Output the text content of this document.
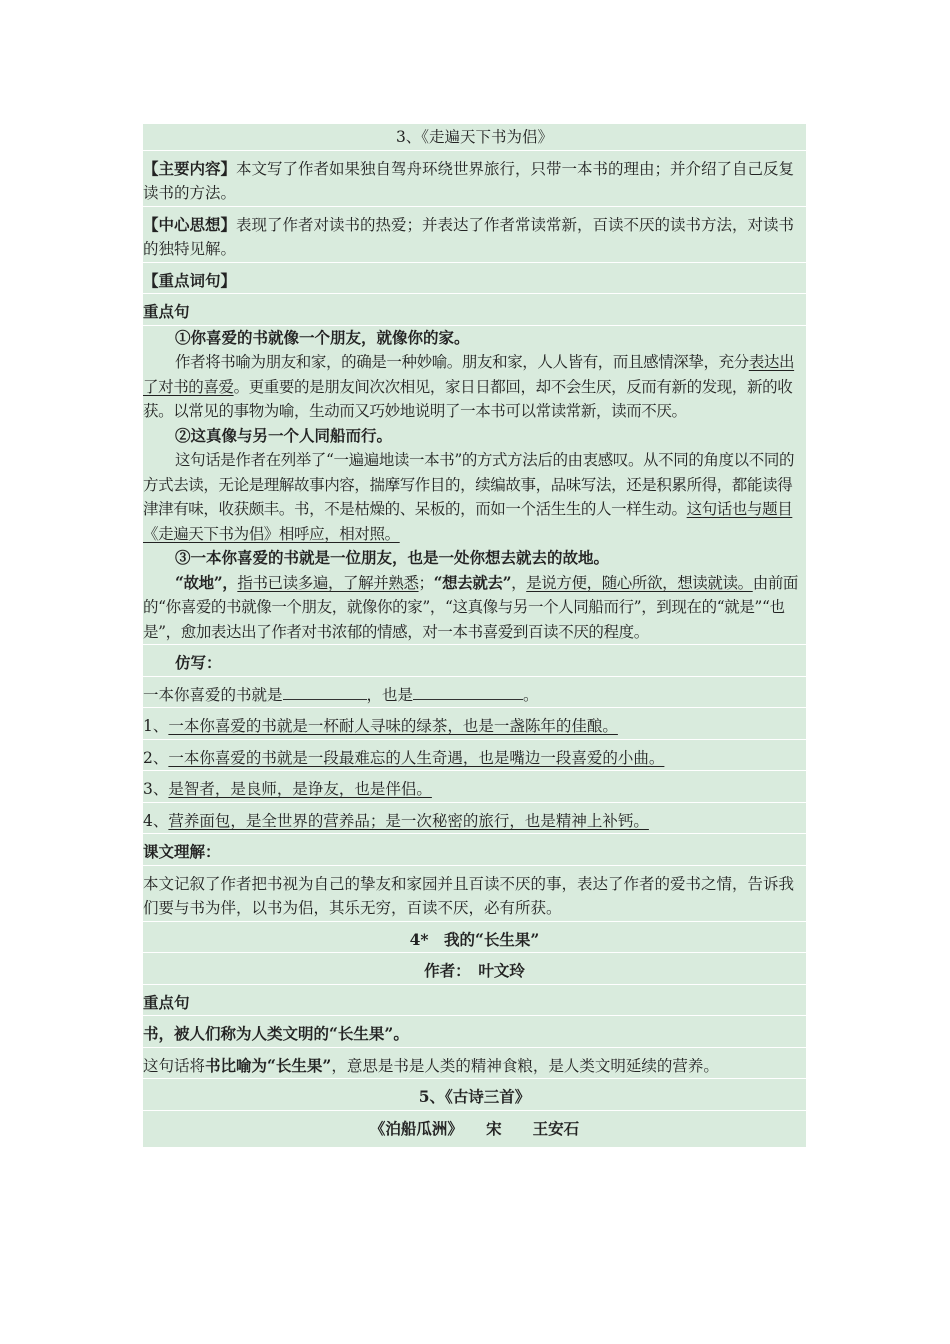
3、《走遍天下书为侣》

【主要内容】本文写了作者如果独自驾舟环绕世界旅行，只带一本书的理由；并介绍了自己反复读书的方法。

【中心思想】表现了作者对读书的热爱；并表达了作者常读常新，百读不厌的读书方法，对读书的独特见解。

【重点词句】

重点句

①你喜爱的书就像一个朋友，就像你的家。

作者将书喻为朋友和家，的确是一种妙喻。朋友和家，人人皆有，而且感情深挚，充分表达出了对书的喜爱。更重要的是朋友间次次相见，家日日都回，却不会生厌，反而有新的发现，新的收获。以常见的事物为喻，生动而又巧妙地说明了一本书可以常读常新，读而不厌。

②这真像与另一个人同船而行。

这句话是作者在列举了“一遍遍地读一本书”的方式方法后的由衷感叹。从不同的角度以不同的方式去读，无论是理解故事内容，揣摩写作目的，续编故事，品味写法，还是积累所得，都能读得津津有味，收获颇丰。书，不是枯燥的、呆板的，而如一个活生生的人一样生动。这句话也与题目《走遍天下书为侣》相呼应，相对照。

③一本你喜爱的书就是一位朋友，也是一处你想去就去的故地。

“故地”，指书已读多遍，了解并熟悉；“想去就去”，是说方便，随心所欲，想读就读。由前面的“你喜爱的书就像一个朋友，就像你的家”，“这真像与另一个人同船而行”，到现在的“就是”“也是”，愈加表达出了作者对书浓郁的情感，对一本书喜爱到百读不厌的程度。

仿写：

一本你喜爱的书就是	，也是	。

1、一本你喜爱的书就是一杯耐人寻味的绿茶，也是一盏陈年的佳酿。

2、一本你喜爱的书就是一段最难忘的人生奇遇，也是嘴边一段喜爱的小曲。

3、是智者，是良师，是诤友，也是伴侣。

4、营养面包，是全世界的营养品；是一次秘密的旅行，也是精神上补钙。

课文理解：

本文记叙了作者把书视为自己的挚友和家园并且百读不厌的事，表达了作者的爱书之情，告诉我们要与书为伴，以书为侣，其乐无穷，百读不厌，必有所获。

4*　我的“长生果”

作者：　叶文玲

重点句

书，被人们称为人类文明的“长生果”。

这句话将书比喻为“长生果”，意思是书是人类的精神食粮，是人类文明延续的营养。

5、《古诗三首》

《泊船瓜洲》　　宋　　王安石
